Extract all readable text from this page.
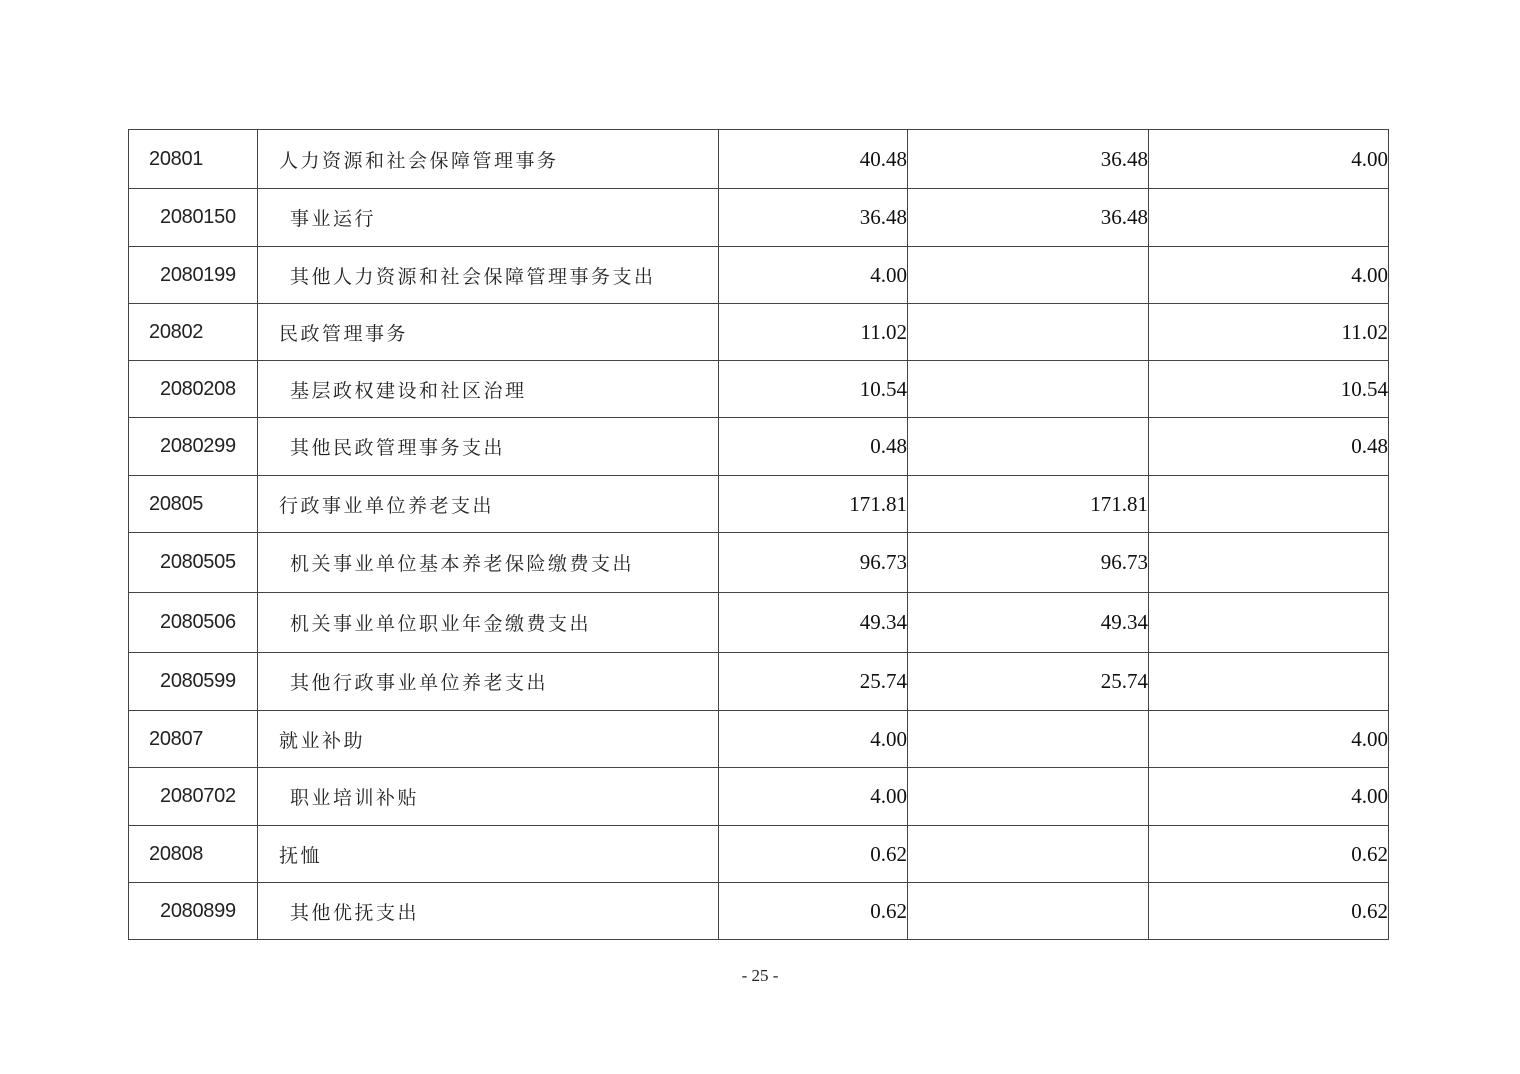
20801	人力资源和社会保障管理事务	40.48	36.48	4.00
2080150	事业运行	36.48	36.48	
2080199	其他人力资源和社会保障管理事务支出	4.00		4.00
20802	民政管理事务	11.02		11.02
2080208	基层政权建设和社区治理	10.54		10.54
2080299	其他民政管理事务支出	0.48		0.48
20805	行政事业单位养老支出	171.81	171.81	
2080505	机关事业单位基本养老保险缴费支出	96.73	96.73	
2080506	机关事业单位职业年金缴费支出	49.34	49.34	
2080599	其他行政事业单位养老支出	25.74	25.74	
20807	就业补助	4.00		4.00
2080702	职业培训补贴	4.00		4.00
20808	抚恤	0.62		0.62
2080899	其他优抚支出	0.62		0.62
- 25 -
